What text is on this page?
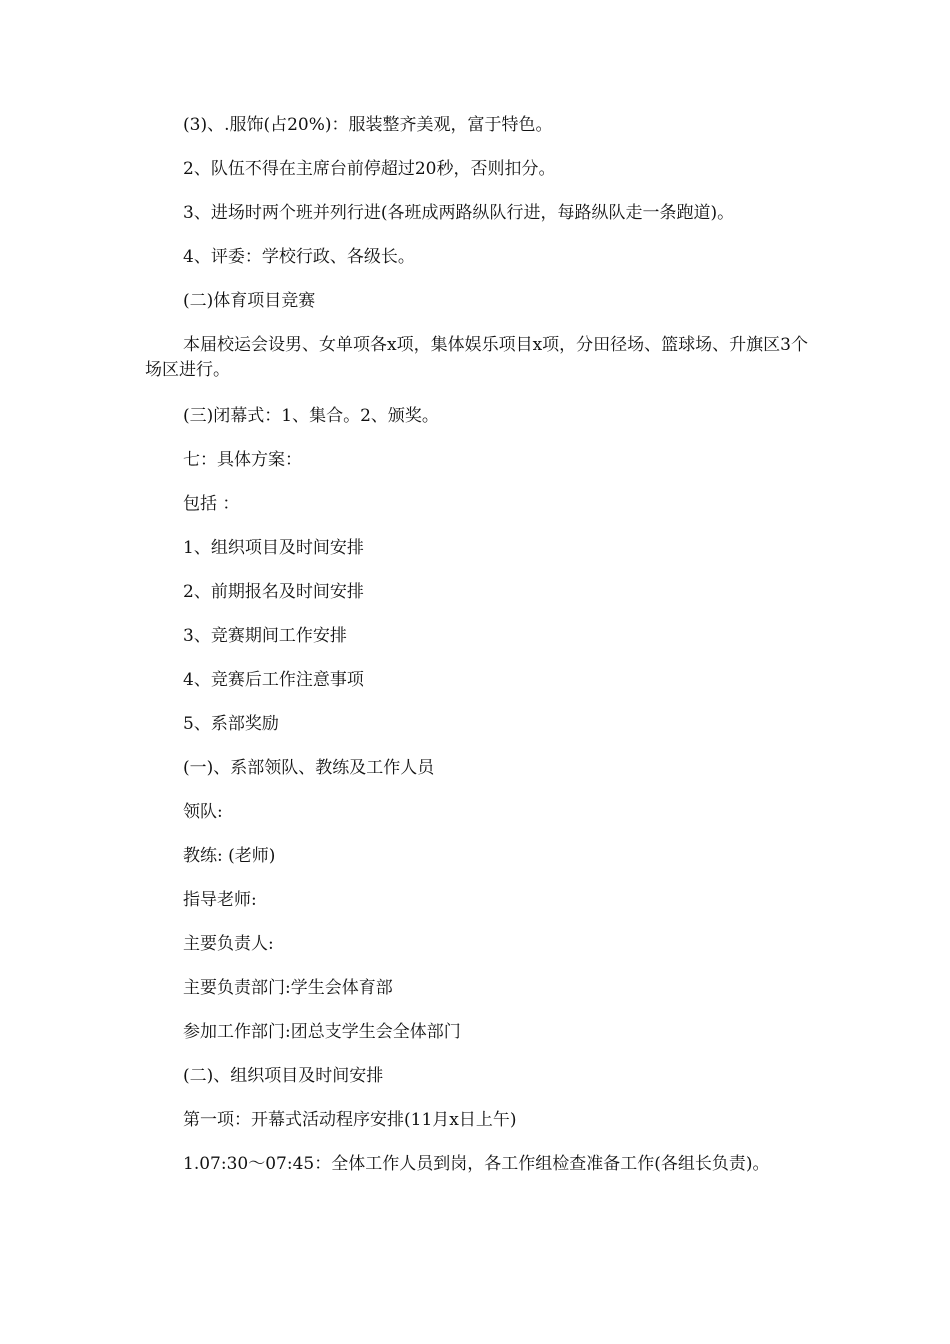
(3)、.服饰(占20%)：服装整齐美观，富于特色。

2、队伍不得在主席台前停超过20秒，否则扣分。

3、进场时两个班并列行进(各班成两路纵队行进，每路纵队走一条跑道)。

4、评委：学校行政、各级长。

(二)体育项目竞赛

本届校运会设男、女单项各x项，集体娱乐项目x项，分田径场、篮球场、升旗区3个场区进行。

(三)闭幕式：1、集合。2、颁奖。

七：具体方案：

包括 ：

1、组织项目及时间安排

2、前期报名及时间安排

3、竞赛期间工作安排

4、竞赛后工作注意事项

5、系部奖励

(一)、系部领队、教练及工作人员

领队:

教练: (老师)

指导老师:

主要负责人:

主要负责部门:学生会体育部

参加工作部门:团总支学生会全体部门

(二)、组织项目及时间安排

第一项：开幕式活动程序安排(11月x日上午)

1.07:30～07:45：全体工作人员到岗，各工作组检查准备工作(各组长负责)。
